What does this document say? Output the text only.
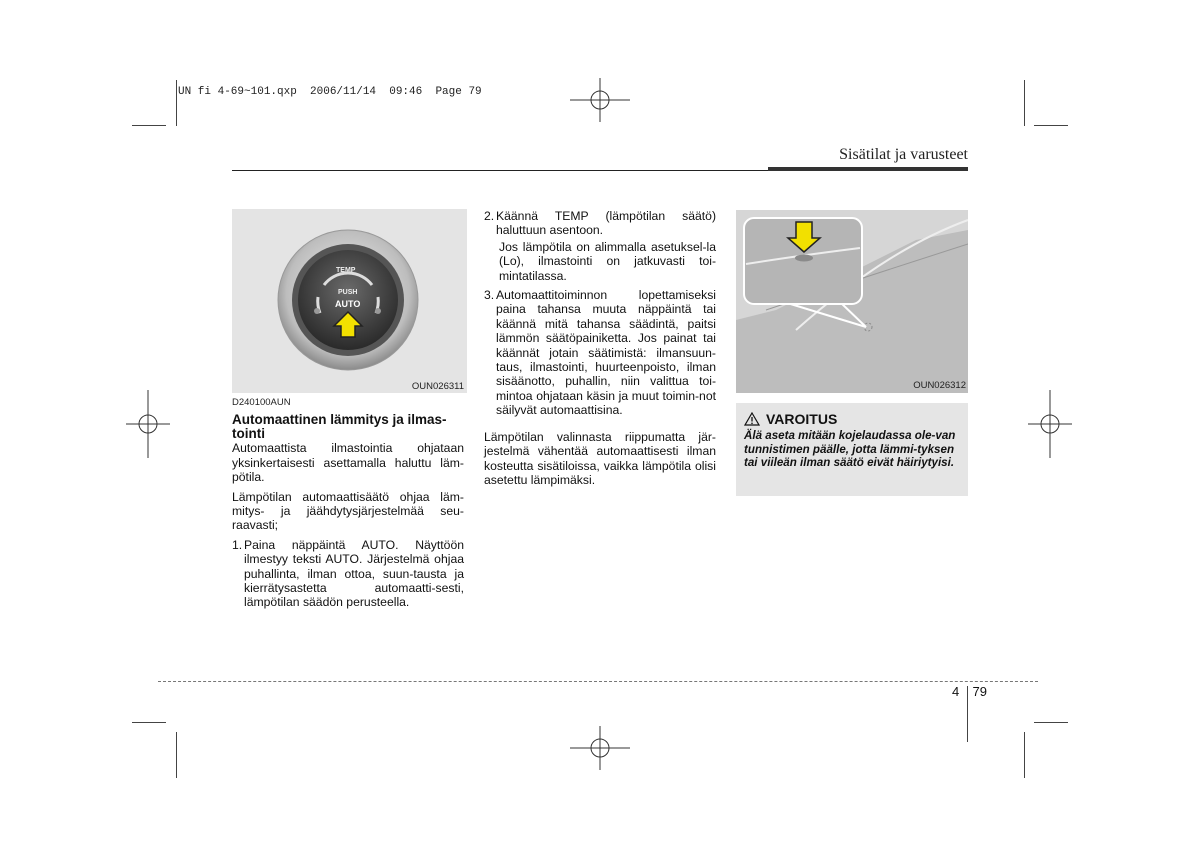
UN fi 4-69~101.qxp  2006/11/14  09:46  Page 79
Sisätilat ja varusteet
TEMP
PUSH
AUTO
OUN026311
D240100AUN
Automaattinen lämmitys ja ilmas-
tointi

Automaattista ilmastointia ohjataan yksinkertaisesti asettamalla haluttu läm-pötila.

Lämpötilan automaattisäätö ohjaa läm-mitys- ja jäähdytysjärjestelmää seu-raavasti;

1. Paina näppäintä AUTO. Näyttöön ilmestyy teksti AUTO. Järjestelmä ohjaa puhallinta, ilman ottoa, suun-tausta ja kierrätysastetta automaatti-sesti, lämpötilan säädön perusteella.
2. Käännä TEMP (lämpötilan säätö) haluttuun asentoon.

Jos lämpötila on alimmalla asetuksel-la (Lo), ilmastointi on jatkuvasti toi-mintatilassa.

3. Automaattitoiminnon lopettamiseksi paina tahansa muuta näppäintä tai käännä mitä tahansa säädintä, paitsi lämmön säätöpainiketta. Jos painat tai käännät jotain säätimistä: ilmansuun-taus, ilmastointi, huurteenpoisto, ilman sisäänotto, puhallin, niin valittua toi-mintoa ohjataan käsin ja muut toimin-not säilyvät automaattisina.

Lämpötilan valinnasta riippumatta jär-jestelmä vähentää automaattisesti ilman kosteutta sisätiloissa, vaikka lämpötila olisi asetettu lämpimäksi.

OUN026312
VAROITUS
Älä aseta mitään kojelaudassa ole-van tunnistimen päälle, jotta lämmi-tyksen tai viileän ilman säätö eivät häiriytyisi.
4 79
